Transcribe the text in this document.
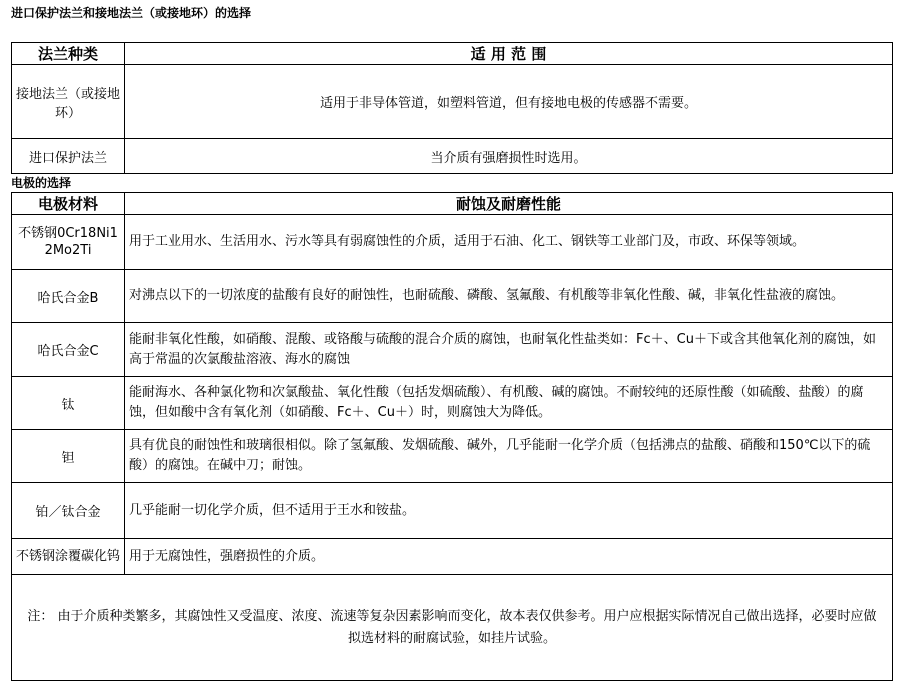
进口保护法兰和接地法兰（或接地环）的选择
法兰种类	适 用 范 围
接地法兰（或接地环）	适用于非导体管道，如塑料管道，但有接地电极的传感器不需要。
进口保护法兰	当介质有强磨损性时选用。
电极的选择
电极材料	耐蚀及耐磨性能
不锈钢0Cr18Ni12Mo2Ti	用于工业用水、生活用水、污水等具有弱腐蚀性的介质，适用于石油、化工、钢铁等工业部门及，市政、环保等领域。
哈氏合金B	对沸点以下的一切浓度的盐酸有良好的耐蚀性，也耐硫酸、磷酸、氢氟酸、有机酸等非氧化性酸、碱，非氧化性盐液的腐蚀。
哈氏合金C	能耐非氧化性酸，如硝酸、混酸、或铬酸与硫酸的混合介质的腐蚀，也耐氧化性盐类如：Fc＋、Cu＋下或含其他氧化剂的腐蚀，如高于常温的次氯酸盐溶液、海水的腐蚀
钛	能耐海水、各种氯化物和次氯酸盐、氧化性酸（包括发烟硫酸）、有机酸、碱的腐蚀。不耐较纯的还原性酸（如硫酸、盐酸）的腐蚀，但如酸中含有氧化剂（如硝酸、Fc＋、Cu＋）时，则腐蚀大为降低。
钽	具有优良的耐蚀性和玻璃很相似。除了氢氟酸、发烟硫酸、碱外，几乎能耐一化学介质（包括沸点的盐酸、硝酸和150℃以下的硫酸）的腐蚀。在碱中刀；耐蚀。
铂／钛合金	几乎能耐一切化学介质，但不适用于王水和铵盐。
不锈钢涂覆碳化钨	用于无腐蚀性，强磨损性的介质。
注： 由于介质种类繁多，其腐蚀性又受温度、浓度、流速等复杂因素影响而变化，故本表仅供参考。用户应根据实际情况自己做出选择，必要时应做拟选材料的耐腐试验，如挂片试验。	
